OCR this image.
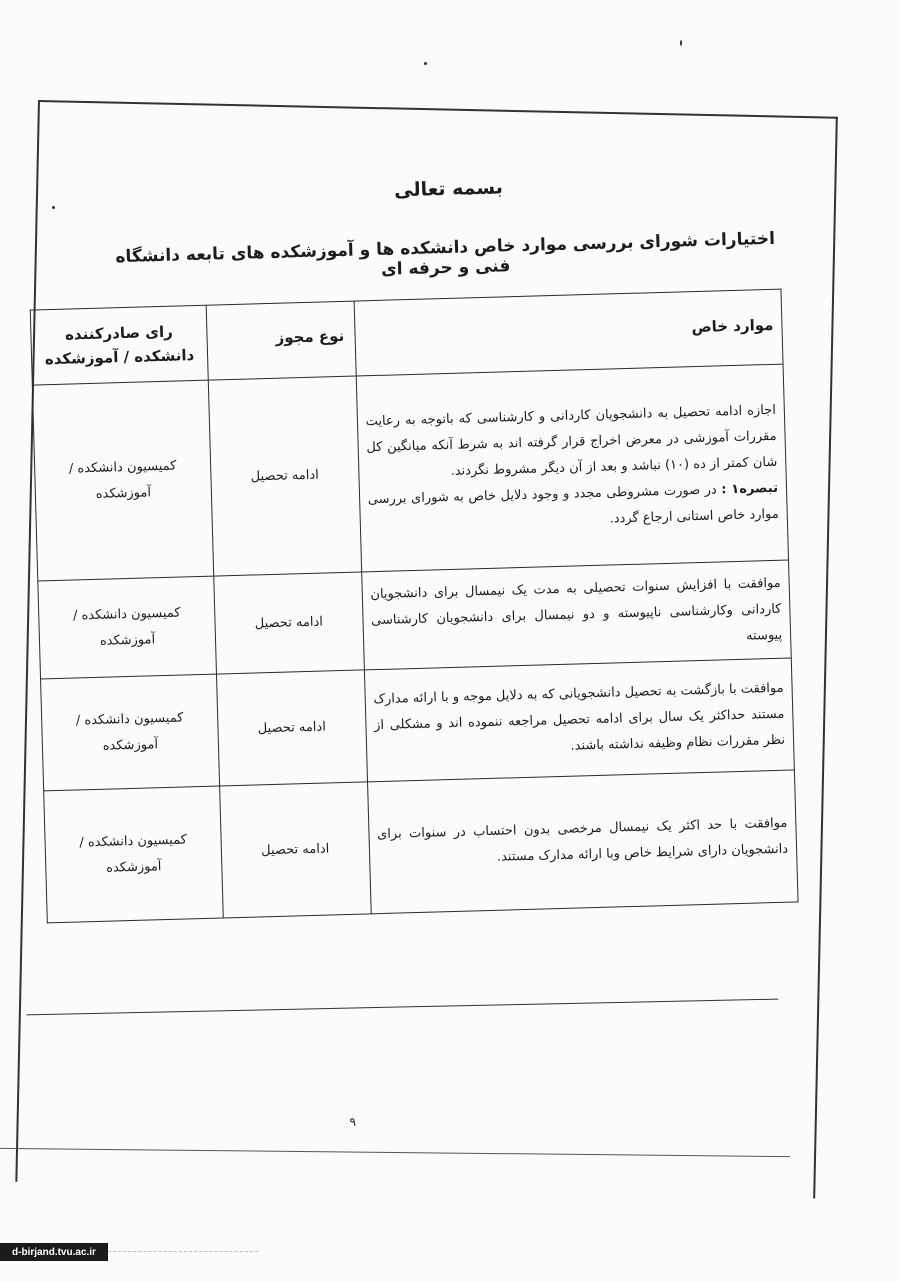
بسمه تعالی
اختیارات شورای بررسی موارد خاص دانشکده ها و آموزشکده های تابعه دانشگاه فنی و حرفه ای
موارد خاص	نوع مجوز	رای صادرکننده دانشکده / آموزشکده

اجازه ادامه تحصیل به دانشجویان کاردانی و کارشناسی که باتوجه به رعایت مقررات آموزشی در معرض اخراج قرار گرفته اند به شرط آنکه میانگین کل شان کمتر از ده (۱۰) نباشد و بعد از آن دیگر مشروط نگردند.
تبصره۱ : در صورت مشروطی مجدد و وجود دلایل خاص به شورای بررسی موارد خاص استانی ارجاع گردد.	ادامه تحصیل	کمیسیون دانشکده / آموزشکده
موافقت با افزایش سنوات تحصیلی به مدت یک نیمسال برای دانشجویان کاردانی وکارشناسی ناپیوسته و دو نیمسال برای دانشجویان کارشناسی پیوسته	ادامه تحصیل	کمیسیون دانشکده / آموزشکده
موافقت با بازگشت به تحصیل دانشجویانی که به دلایل موجه و با ارائه مدارک مستند حداکثر یک سال برای ادامه تحصیل مراجعه ننموده اند و مشکلی از نظر مقررات نظام وظیفه نداشته باشند.	ادامه تحصیل	کمیسیون دانشکده / آموزشکده
موافقت با حد اکثر یک نیمسال مرخصی بدون احتساب در سنوات برای دانشجویان دارای شرایط خاص وبا ارائه مدارک مستند.	ادامه تحصیل	کمیسیون دانشکده / آموزشکده
۹
d-birjand.tvu.ac.ir
